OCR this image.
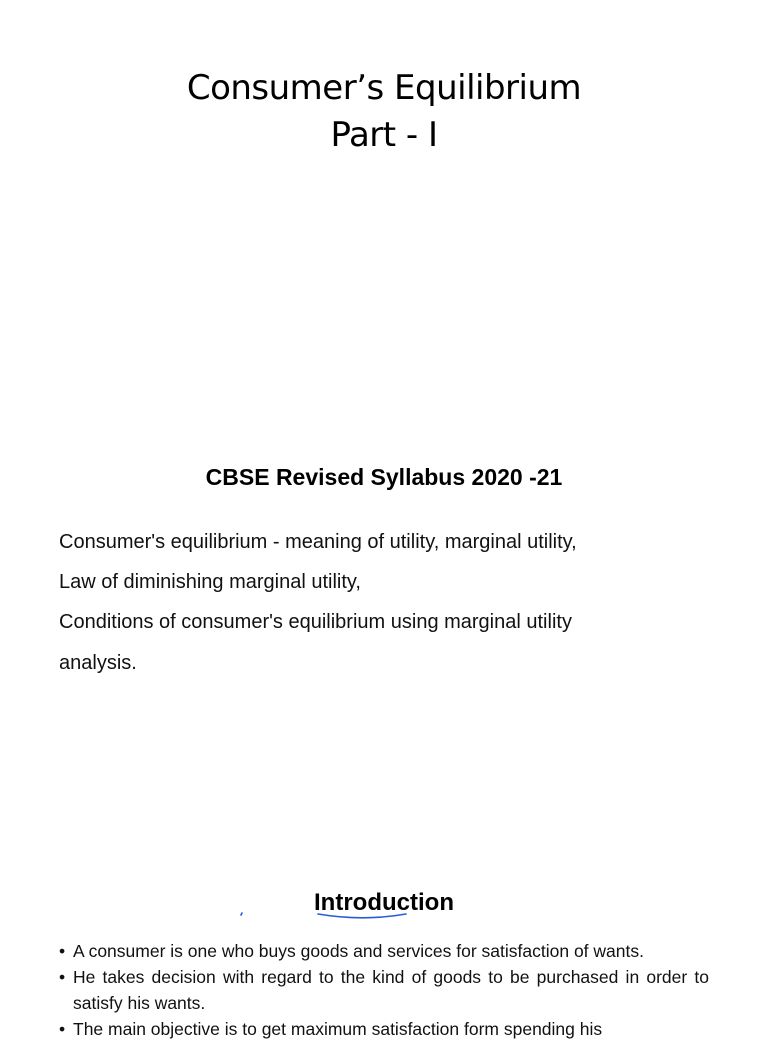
Consumer’s Equilibrium
Part - I
CBSE Revised Syllabus 2020 -21
Consumer's equilibrium - meaning of utility, marginal utility,
Law of diminishing marginal utility,
Conditions of consumer's equilibrium using marginal utility
analysis.
Introduction
• A consumer is one who buys goods and services for satisfaction of wants.
• He takes decision with regard to the kind of goods to be purchased in order to satisfy his wants.
• The main objective is to get maximum satisfaction form spending his
